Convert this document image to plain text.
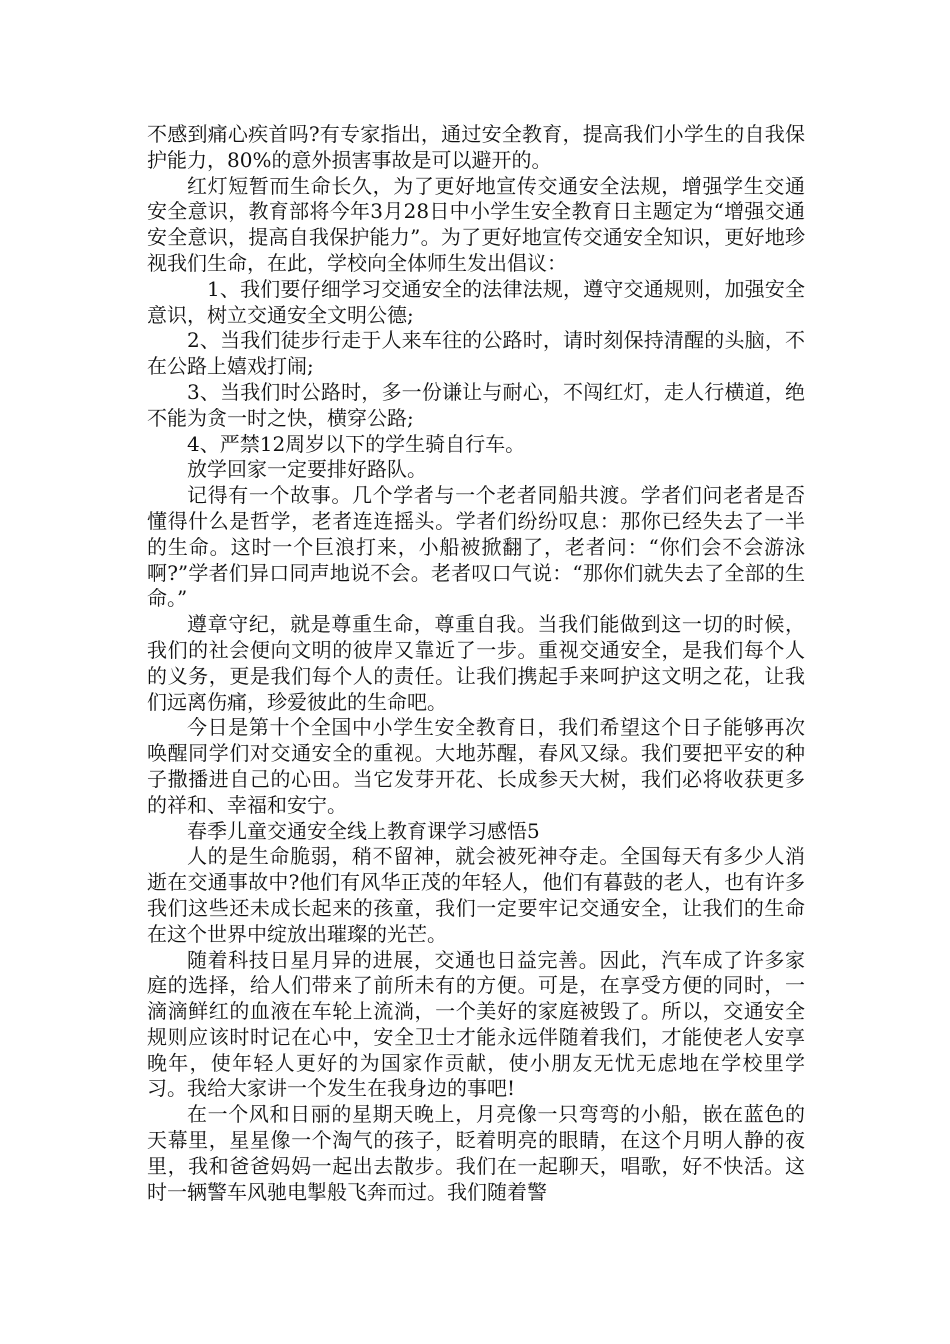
不感到痛心疾首吗?有专家指出，通过安全教育，提高我们小学生的自我保护能力，80%的意外损害事故是可以避开的。

红灯短暂而生命长久，为了更好地宣传交通安全法规，增强学生交通安全意识，教育部将今年3月28日中小学生安全教育日主题定为“增强交通安全意识，提高自我保护能力”。为了更好地宣传交通安全知识，更好地珍视我们生命，在此，学校向全体师生发出倡议：

1、我们要仔细学习交通安全的法律法规，遵守交通规则，加强安全意识，树立交通安全文明公德;

2、当我们徒步行走于人来车往的公路时，请时刻保持清醒的头脑，不在公路上嬉戏打闹;

3、当我们时公路时，多一份谦让与耐心，不闯红灯，走人行横道，绝不能为贪一时之快，横穿公路;

4、严禁12周岁以下的学生骑自行车。

放学回家一定要排好路队。

记得有一个故事。几个学者与一个老者同船共渡。学者们问老者是否懂得什么是哲学，老者连连摇头。学者们纷纷叹息：那你已经失去了一半的生命。这时一个巨浪打来，小船被掀翻了，老者问：“你们会不会游泳啊?”学者们异口同声地说不会。老者叹口气说：“那你们就失去了全部的生命。”

遵章守纪，就是尊重生命，尊重自我。当我们能做到这一切的时候，我们的社会便向文明的彼岸又靠近了一步。重视交通安全，是我们每个人的义务，更是我们每个人的责任。让我们携起手来呵护这文明之花，让我们远离伤痛，珍爱彼此的生命吧。

今日是第十个全国中小学生安全教育日，我们希望这个日子能够再次唤醒同学们对交通安全的重视。大地苏醒，春风又绿。我们要把平安的种子撒播进自己的心田。当它发芽开花、长成参天大树，我们必将收获更多的祥和、幸福和安宁。

春季儿童交通安全线上教育课学习感悟5

人的是生命脆弱，稍不留神，就会被死神夺走。全国每天有多少人消逝在交通事故中?他们有风华正茂的年轻人，他们有暮鼓的老人，也有许多我们这些还未成长起来的孩童，我们一定要牢记交通安全，让我们的生命在这个世界中绽放出璀璨的光芒。

随着科技日星月异的进展，交通也日益完善。因此，汽车成了许多家庭的选择，给人们带来了前所未有的方便。可是，在享受方便的同时，一滴滴鲜红的血液在车轮上流淌，一个美好的家庭被毁了。所以，交通安全规则应该时时记在心中，安全卫士才能永远伴随着我们，才能使老人安享晚年，使年轻人更好的为国家作贡献，使小朋友无忧无虑地在学校里学习。我给大家讲一个发生在我身边的事吧!

在一个风和日丽的星期天晚上，月亮像一只弯弯的小船，嵌在蓝色的天幕里，星星像一个淘气的孩子，眨着明亮的眼睛，在这个月明人静的夜里，我和爸爸妈妈一起出去散步。我们在一起聊天，唱歌，好不快活。这时一辆警车风驰电掣般飞奔而过。我们随着警
